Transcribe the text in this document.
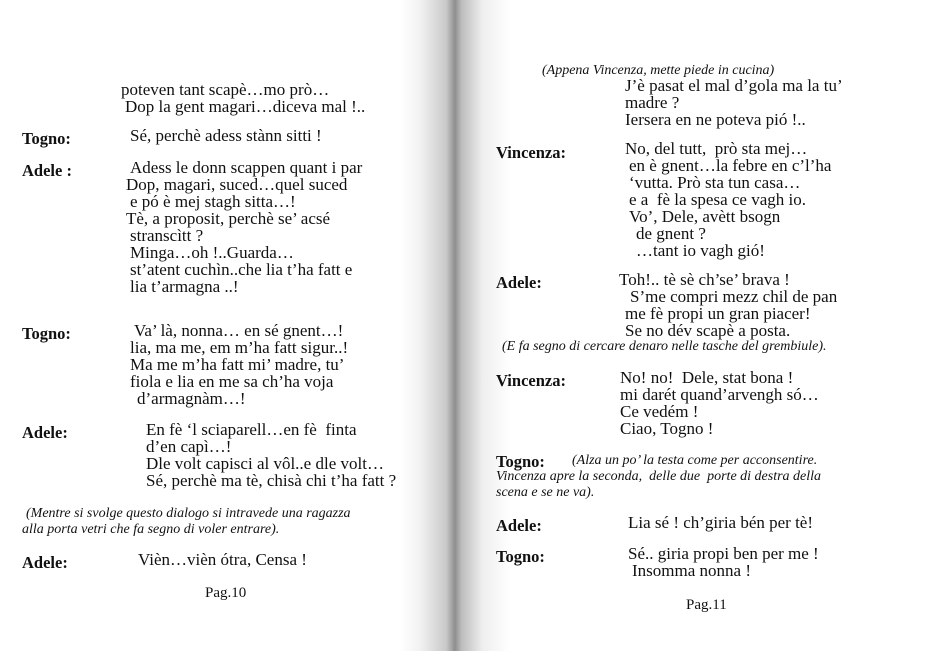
poteven tant scapè…mo prò…
Dop la gent magari…diceva mal !..
Togno:	Sé, perchè adess stànn sitti !
Adele :	Adess le donn scappen quant i par
Dop, magari, suced…quel suced
e pó è mej stagh sitta…!
Tè, a proposit, perchè se’ acsé
stranscìtt ?
Minga…oh !..Guarda…
st’atent cuchìn..che lia t’ha fatt e
lia t’armagna ..!
Togno:	Va’ là, nonna… en sé gnent…!
lia, ma me, em m’ha fatt sigur..!
Ma me m’ha fatt mi’ madre, tu’
fiola e lia en me sa ch’ha voja
d’armagnàm…!
Adele:	En fè ‘l sciaparell…en fè  finta
d’en capì…!
Dle volt capisci al vôl..e dle volt…
Sé, perchè ma tè, chisà chi t’ha fatt ?
(Mentre si svolge questo dialogo si intravede una ragazza
alla porta vetri che fa segno di voler entrare).
Adele:	Vièn…vièn ótra, Censa !
Pag.10
(Appena Vincenza, mette piede in cucina)
J’è pasat el mal d’gola ma la tu’
madre ?
Iersera en ne poteva pió !..
Vincenza:	No, del tutt,  prò sta mej…
en è gnent…la febre en c’l’ha
‘vutta. Prò sta tun casa…
e a  fè la spesa ce vagh io.
Vo’, Dele, avètt bsogn
de gnent ?
…tant io vagh gió!
Adele:	Toh!.. tè sè ch’se’ brava !
S’me compri mezz chil de pan
me fè propi un gran piacer!
Se no dév scapè a posta.
(E fa segno di cercare denaro nelle tasche del grembiule).
Vincenza:	No! no!  Dele, stat bona !
mi darét quand’arvengh só…
Ce vedém !
Ciao, Togno !
Togno: (Alza un po’ la testa come per acconsentire.
Vincenza apre la seconda,  delle due  porte di destra della
scena e se ne va).
Adele:	Lia sé ! ch’giria bén per tè!
Togno:	Sé.. giria propi ben per me !
Insomma nonna !
Pag.11
